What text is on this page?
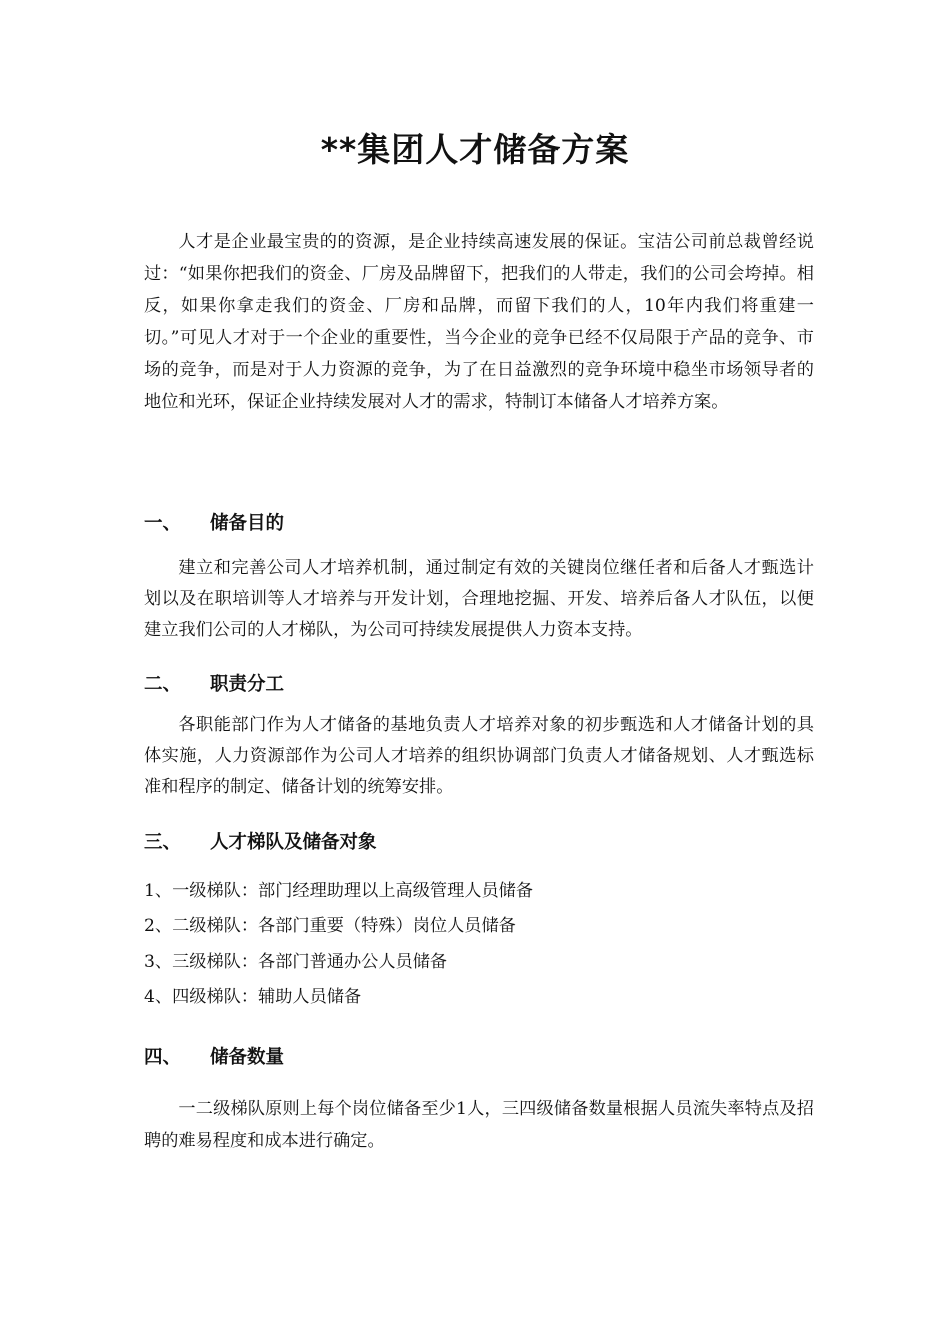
**集团人才储备方案

人才是企业最宝贵的的资源，是企业持续高速发展的保证。宝洁公司前总裁曾经说过：“如果你把我们的资金、厂房及品牌留下，把我们的人带走，我们的公司会垮掉。相反，如果你拿走我们的资金、厂房和品牌，而留下我们的人，10年内我们将重建一切。”可见人才对于一个企业的重要性，当今企业的竞争已经不仅局限于产品的竞争、市场的竞争，而是对于人力资源的竞争，为了在日益激烈的竞争环境中稳坐市场领导者的地位和光环，保证企业持续发展对人才的需求，特制订本储备人才培养方案。

一、	储备目的

建立和完善公司人才培养机制，通过制定有效的关键岗位继任者和后备人才甄选计划以及在职培训等人才培养与开发计划，合理地挖掘、开发、培养后备人才队伍，以便建立我们公司的人才梯队，为公司可持续发展提供人力资本支持。

二、	职责分工

各职能部门作为人才储备的基地负责人才培养对象的初步甄选和人才储备计划的具体实施，人力资源部作为公司人才培养的组织协调部门负责人才储备规划、人才甄选标准和程序的制定、储备计划的统筹安排。

三、	人才梯队及储备对象
1、一级梯队：部门经理助理以上高级管理人员储备
2、二级梯队：各部门重要（特殊）岗位人员储备
3、三级梯队：各部门普通办公人员储备
4、四级梯队：辅助人员储备
四、	储备数量

一二级梯队原则上每个岗位储备至少1人，三四级储备数量根据人员流失率特点及招聘的难易程度和成本进行确定。
